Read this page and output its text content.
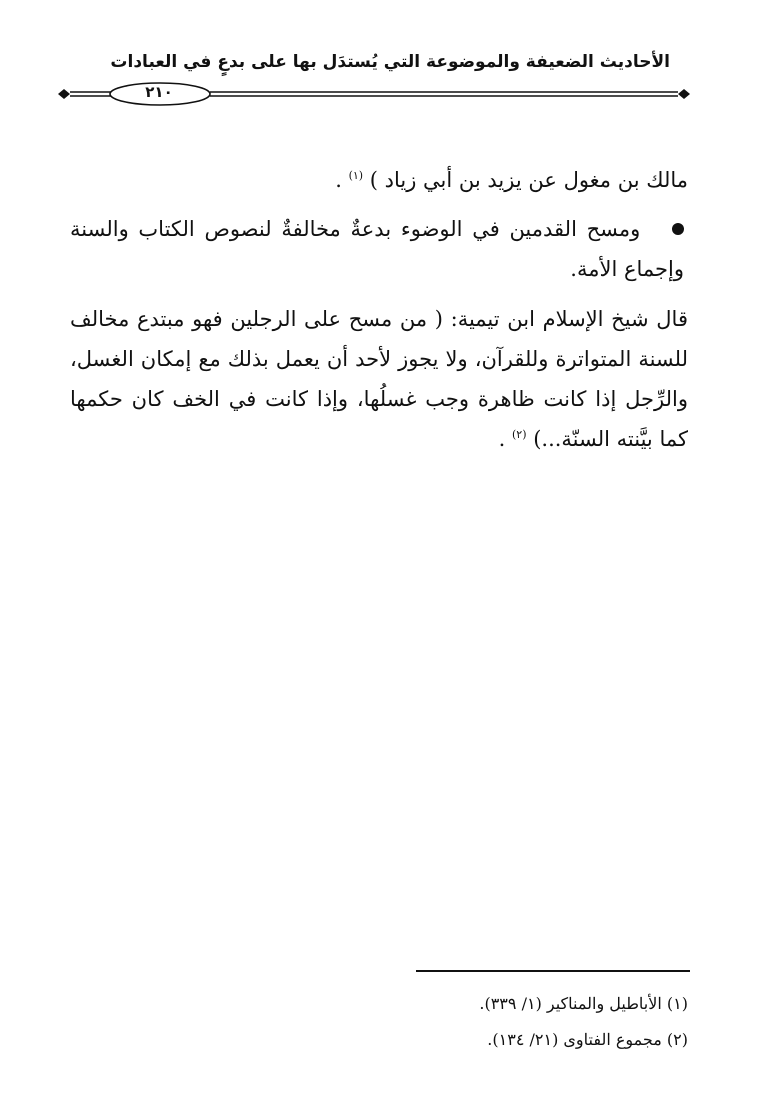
الأحاديث الضعيفة والموضوعة التي يُستدَل بها على بدعٍ في العبادات
٢١٠

مالك بن مغول عن يزيد بن أبي زياد ) $^{(١)}$ .

ومسح القدمين في الوضوء بدعةٌ مخالفةٌ لنصوص الكتاب والسنة وإجماع الأمة.

قال شيخ الإسلام ابن تيمية: ( من مسح على الرجلين فهو مبتدع مخالف للسنة المتواترة وللقرآن، ولا يجوز لأحد أن يعمل بذلك مع إمكان الغسل، والرِّجل إذا كانت ظاهرة وجب غسلُها، وإذا كانت في الخف كان حكمها كما بيَّنته السنّة...) $^{(٢)}$ .

(١) الأباطيل والمناكير (١/ ٣٣٩).

(٢) مجموع الفتاوى (٢١/ ١٣٤).
